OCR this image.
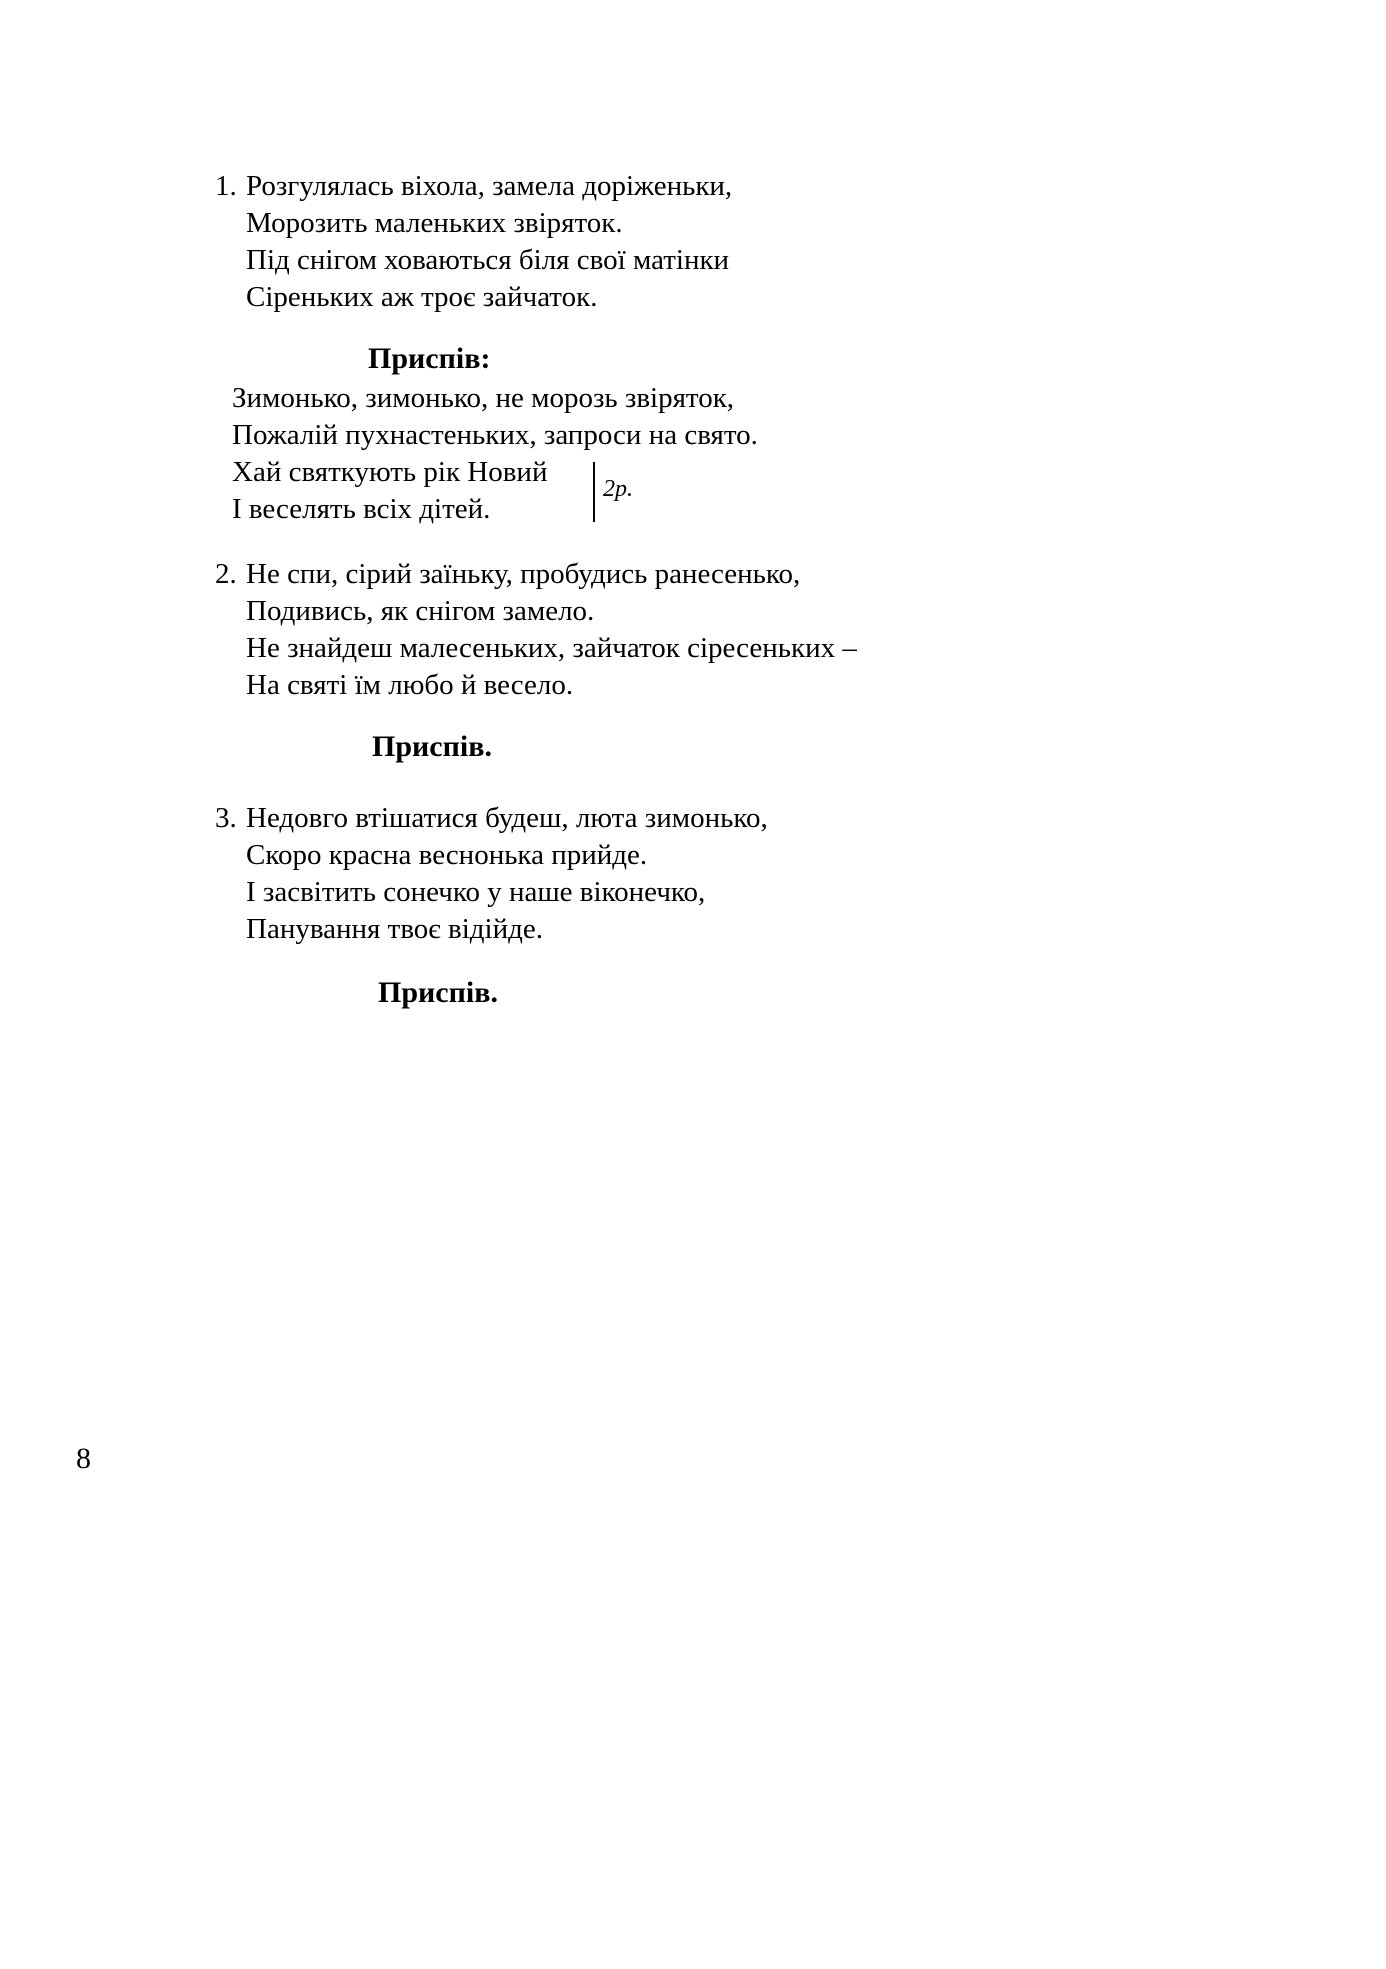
1. Розгулялась віхола, замела доріженьки,
Морозить маленьких звіряток.
Під снігом ховаються біля свої матінки
Сіреньких аж троє зайчаток.
Приспів:
Зимонько, зимонько, не морозь звіряток,
Пожалій пухнастеньких, запроси на свято.
Хай святкують рік Новий
І веселять всіх дітей.
2р.
2. Не спи, сірий заїньку, пробудись ранесенько,
Подивись, як снігом замело.
Не знайдеш малесеньких, зайчаток сіресеньких –
На святі їм любо й весело.
Приспів.
3. Недовго втішатися будеш, люта зимонько,
Скоро красна веснонька прийде.
І засвітить сонечко у наше віконечко,
Панування твоє відійде.
Приспів.
8
